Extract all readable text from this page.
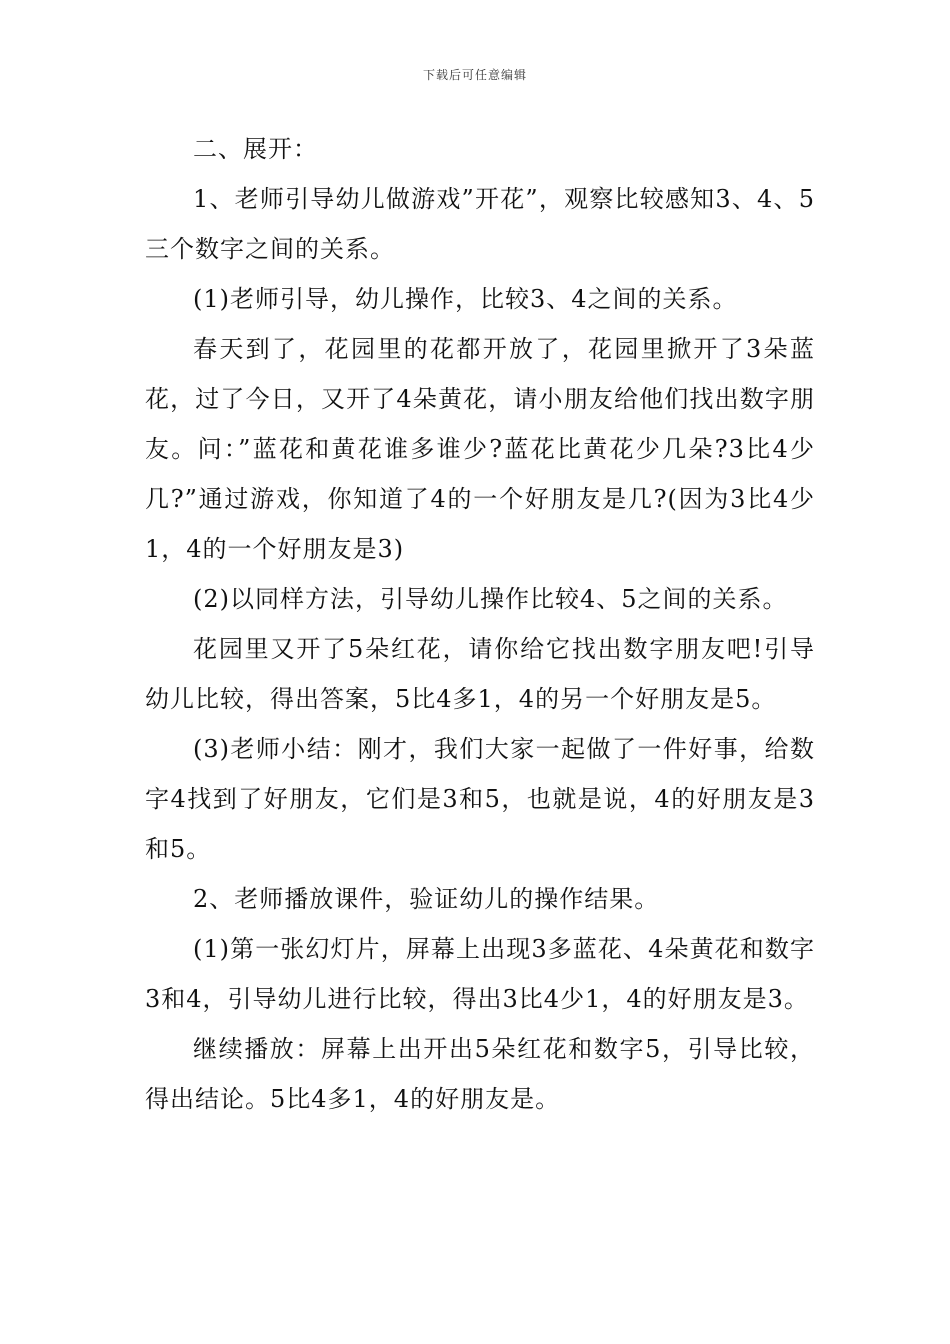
下载后可任意编辑

二、展开：

1、老师引导幼儿做游戏”开花”，观察比较感知3、4、5三个数字之间的关系。

(1)老师引导，幼儿操作，比较3、4之间的关系。

春天到了，花园里的花都开放了，花园里掀开了3朵蓝花，过了今日，又开了4朵黄花，请小朋友给他们找出数字朋友。问：”蓝花和黄花谁多谁少?蓝花比黄花少几朵?3比4少几?”通过游戏，你知道了4的一个好朋友是几?(因为3比4少1，4的一个好朋友是3)

(2)以同样方法，引导幼儿操作比较4、5之间的关系。

花园里又开了5朵红花，请你给它找出数字朋友吧!引导幼儿比较，得出答案，5比4多1，4的另一个好朋友是5。

(3)老师小结：刚才，我们大家一起做了一件好事，给数字4找到了好朋友，它们是3和5，也就是说，4的好朋友是3和5。

2、老师播放课件，验证幼儿的操作结果。

(1)第一张幻灯片，屏幕上出现3多蓝花、4朵黄花和数字3和4，引导幼儿进行比较，得出3比4少1，4的好朋友是3。

继续播放：屏幕上出开出5朵红花和数字5，引导比较，得出结论。5比4多1，4的好朋友是。
